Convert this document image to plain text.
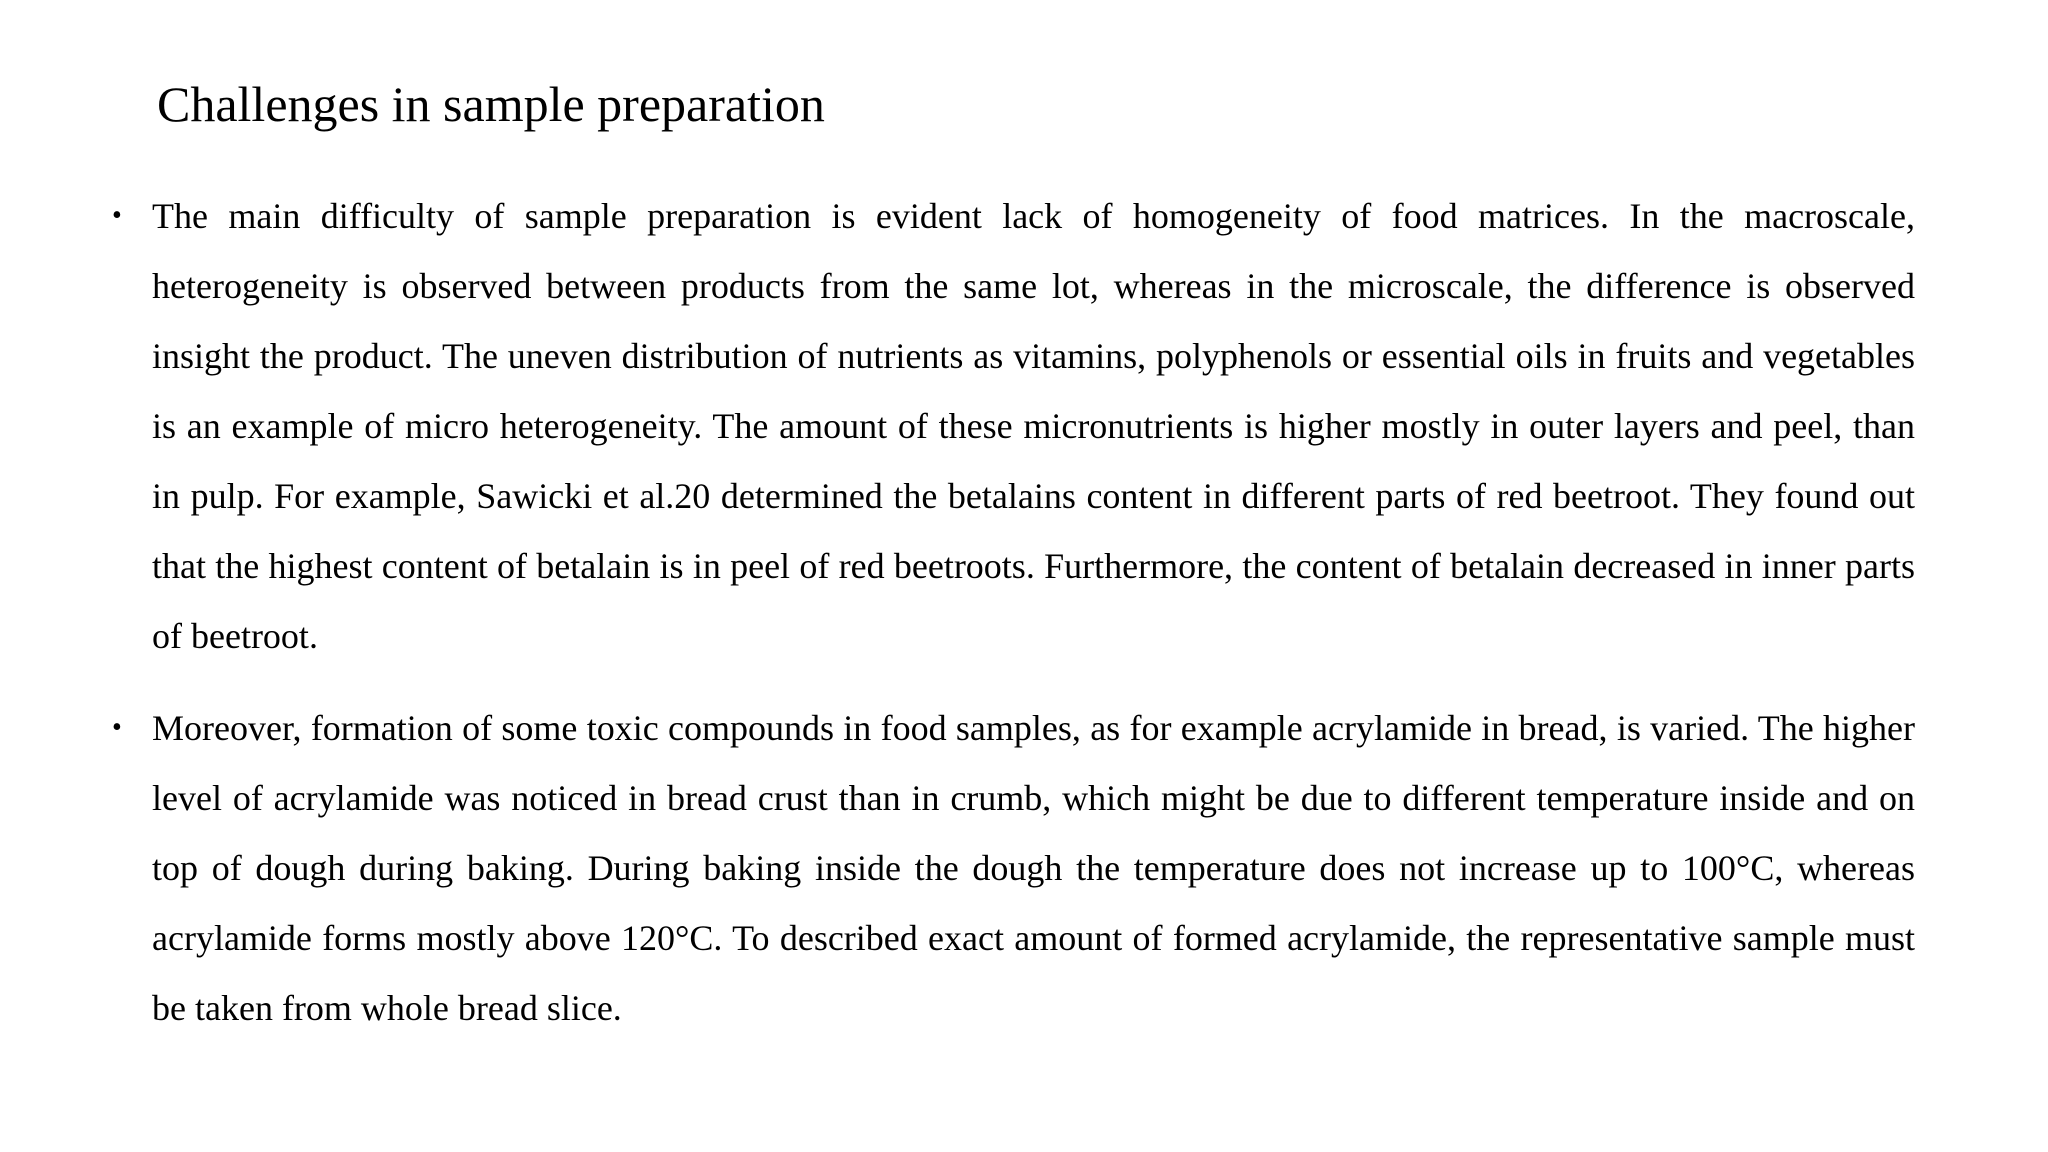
Challenges in sample preparation
• The main difficulty of sample preparation is evident lack of homogeneity of food matrices. In the macroscale, heterogeneity is observed between products from the same lot, whereas in the microscale, the difference is observed insight the product. The uneven distribution of nutrients as vitamins, polyphenols or essential oils in fruits and vegetables is an example of micro heterogeneity. The amount of these micronutrients is higher mostly in outer layers and peel, than in pulp. For example, Sawicki et al.20 determined the betalains content in different parts of red beetroot. They found out that the highest content of betalain is in peel of red beetroots. Furthermore, the content of betalain decreased in inner parts of beetroot.
• Moreover, formation of some toxic compounds in food samples, as for example acrylamide in bread, is varied. The higher level of acrylamide was noticed in bread crust than in crumb, which might be due to different temperature inside and on top of dough during baking. During baking inside the dough the temperature does not increase up to 100°C, whereas acrylamide forms mostly above 120°C. To described exact amount of formed acrylamide, the representative sample must be taken from whole bread slice.
